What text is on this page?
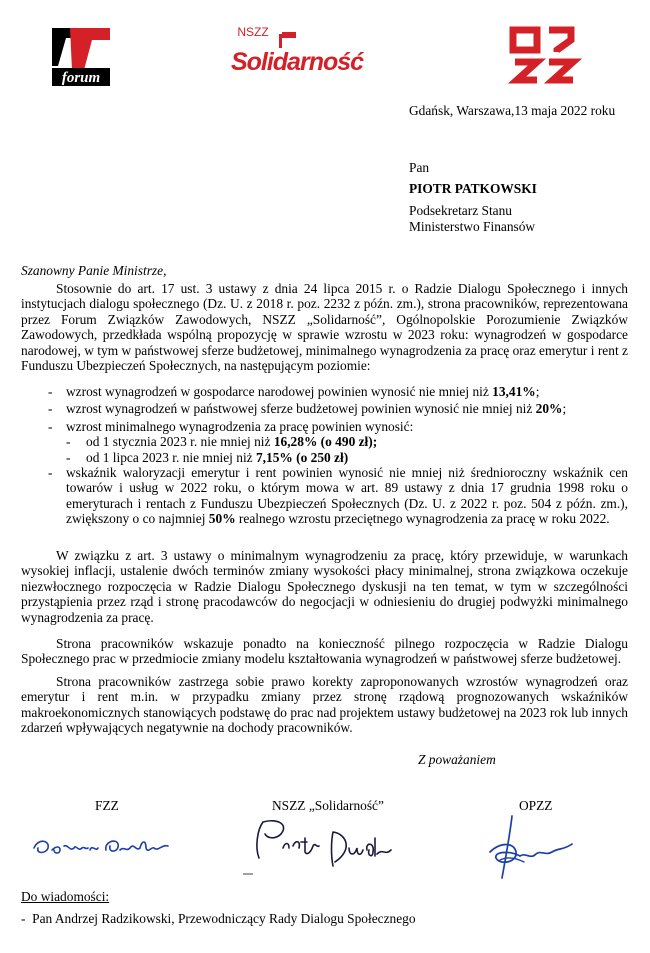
forum
NSZZ
Solidarność
Gdańsk, Warszawa,13 maja 2022 roku
Pan
PIOTR PATKOWSKI
Podsekretarz Stanu
Ministerstwo Finansów
Szanowny Panie Ministrze,
Stosownie do art. 17 ust. 3 ustawy z dnia 24 lipca 2015 r. o Radzie Dialogu Społecznego i innych instytucjach dialogu społecznego (Dz. U. z 2018 r. poz. 2232 z późn. zm.), strona pracowników, reprezentowana przez Forum Związków Zawodowych, NSZZ „Solidarność”, Ogólnopolskie Porozumienie Związków Zawodowych, przedkłada wspólną propozycję w sprawie wzrostu w 2023 roku: wynagrodzeń w gospodarce narodowej, w tym w państwowej sferze budżetowej, minimalnego wynagrodzenia za pracę oraz emerytur i rent z Funduszu Ubezpieczeń Społecznych, na następującym poziomie:
- wzrost wynagrodzeń w gospodarce narodowej powinien wynosić nie mniej niż 13,41%;
- wzrost wynagrodzeń w państwowej sferze budżetowej powinien wynosić nie mniej niż 20%;
- wzrost minimalnego wynagrodzenia za pracę powinien wynosić:
- od 1 stycznia 2023 r. nie mniej niż 16,28% (o 490 zł);
- od 1 lipca 2023 r. nie mniej niż 7,15% (o 250 zł)
- wskaźnik waloryzacji emerytur i rent powinien wynosić nie mniej niż średnioroczny wskaźnik cen towarów i usług w 2022 roku, o którym mowa w art. 89 ustawy z dnia 17 grudnia 1998 roku o emeryturach i rentach z Funduszu Ubezpieczeń Społecznych (Dz. U. z 2022 r. poz. 504 z późn. zm.), zwiększony o co najmniej 50% realnego wzrostu przeciętnego wynagrodzenia za pracę w roku 2022.
W związku z art. 3 ustawy o minimalnym wynagrodzeniu za pracę, który przewiduje, w warunkach wysokiej inflacji, ustalenie dwóch terminów zmiany wysokości płacy minimalnej, strona związkowa oczekuje niezwłocznego rozpoczęcia w Radzie Dialogu Społecznego dyskusji na ten temat, w tym w szczególności przystąpienia przez rząd i stronę pracodawców do negocjacji w odniesieniu do drugiej podwyżki minimalnego wynagrodzenia za pracę.
Strona pracowników wskazuje ponadto na konieczność pilnego rozpoczęcia w Radzie Dialogu Społecznego prac w przedmiocie zmiany modelu kształtowania wynagrodzeń w państwowej sferze budżetowej.
Strona pracowników zastrzega sobie prawo korekty zaproponowanych wzrostów wynagrodzeń oraz emerytur i rent m.in. w przypadku zmiany przez stronę rządową prognozowanych wskaźników makroekonomicznych stanowiących podstawę do prac nad projektem ustawy budżetowej na 2023 rok lub innych zdarzeń wpływających negatywnie na dochody pracowników.
Z poważaniem
FZZ	NSZZ „Solidarność”	OPZZ
Do wiadomości:
-  Pan Andrzej Radzikowski, Przewodniczący Rady Dialogu Społecznego
